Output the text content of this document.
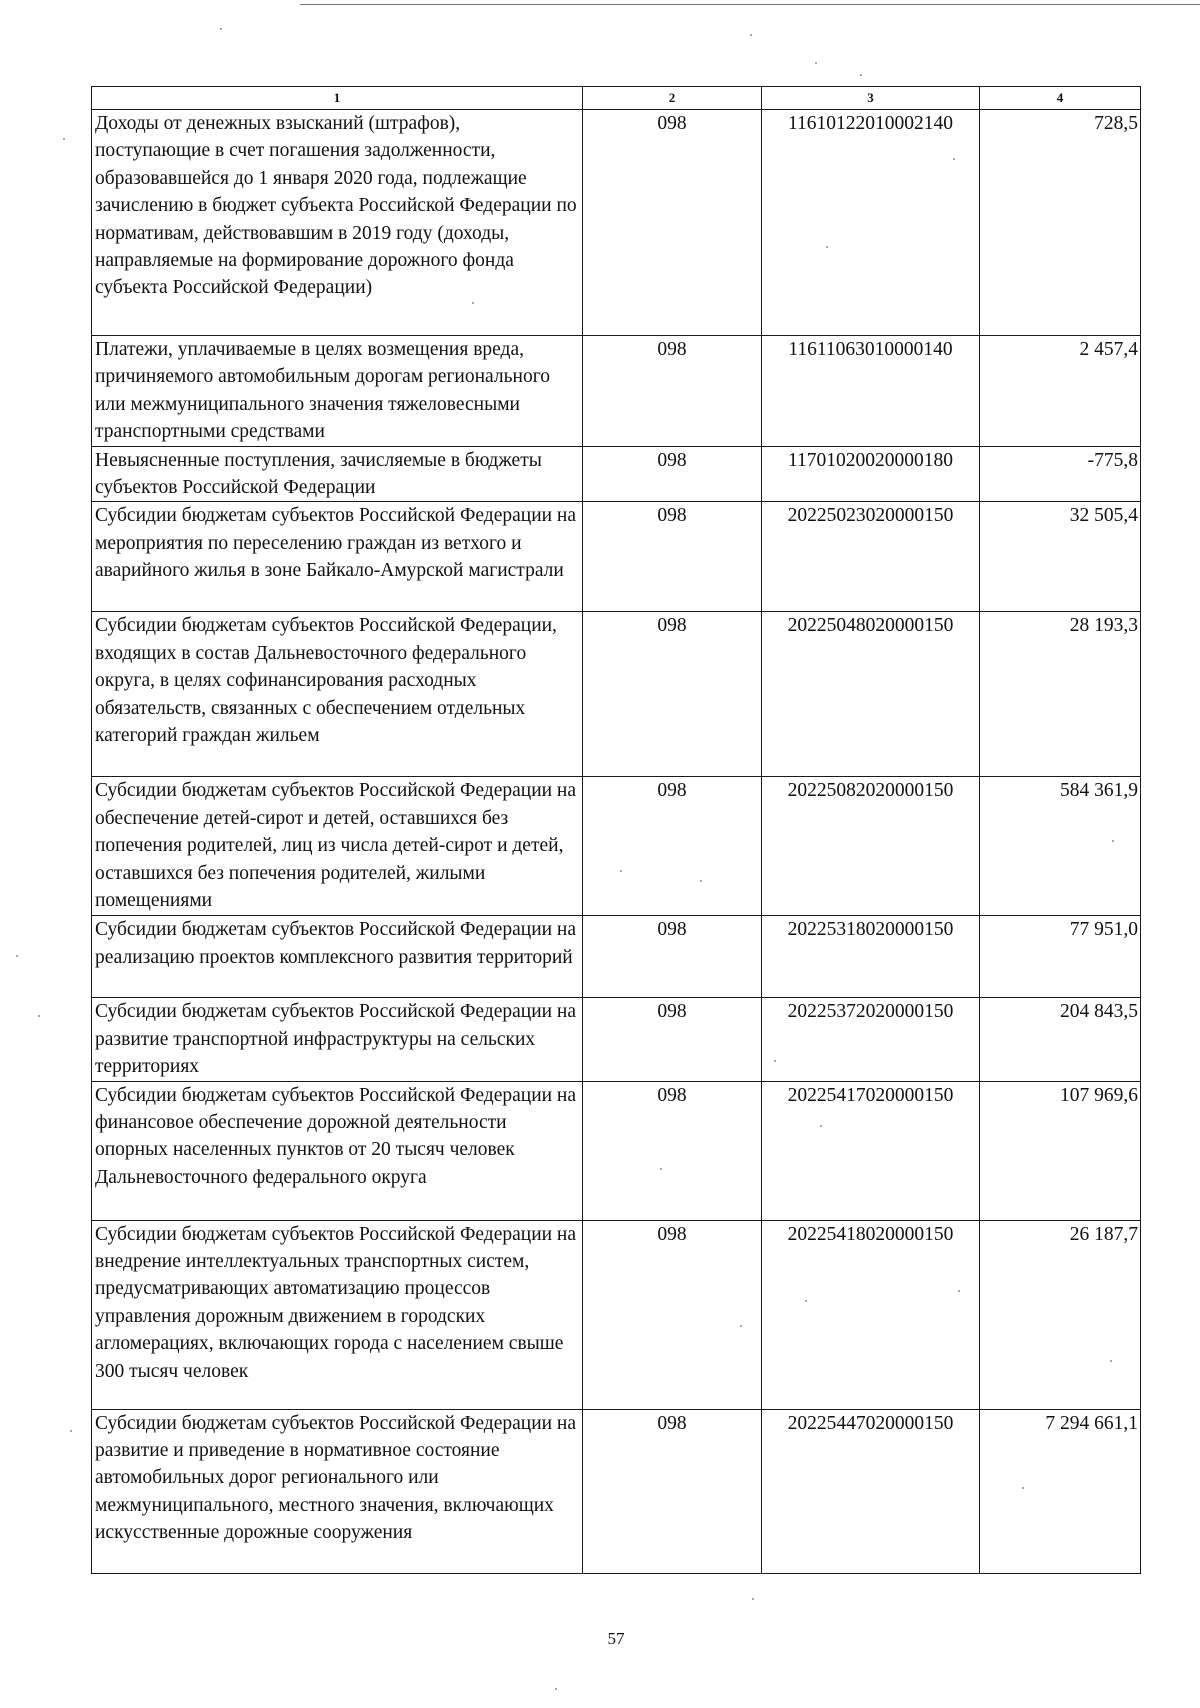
1	2	3	4
Доходы от денежных взысканий (штрафов), поступающие в счет погашения задолженности, образовавшейся до 1 января 2020 года, подлежащие зачислению в бюджет субъекта Российской Федерации по нормативам, действовавшим в 2019 году (доходы, направляемые на формирование дорожного фонда субъекта Российской Федерации)	098	11610122010002140	728,5
Платежи, уплачиваемые в целях возмещения вреда, причиняемого автомобильным дорогам регионального или межмуниципального значения тяжеловесными транспортными средствами	098	11611063010000140	2 457,4
Невыясненные поступления, зачисляемые в бюджеты субъектов Российской Федерации	098	11701020020000180	-775,8
Субсидии бюджетам субъектов Российской Федерации на мероприятия по переселению граждан из ветхого и аварийного жилья в зоне Байкало-Амурской магистрали	098	20225023020000150	32 505,4
Субсидии бюджетам субъектов Российской Федерации, входящих в состав Дальневосточного федерального округа, в целях софинансирования расходных обязательств, связанных с обеспечением отдельных категорий граждан жильем	098	20225048020000150	28 193,3
Субсидии бюджетам субъектов Российской Федерации на обеспечение детей-сирот и детей, оставшихся без попечения родителей, лиц из числа детей-сирот и детей, оставшихся без попечения родителей, жилыми помещениями	098	20225082020000150	584 361,9
Субсидии бюджетам субъектов Российской Федерации на реализацию проектов комплексного развития территорий	098	20225318020000150	77 951,0
Субсидии бюджетам субъектов Российской Федерации на развитие транспортной инфраструктуры на сельских территориях	098	20225372020000150	204 843,5
Субсидии бюджетам субъектов Российской Федерации на финансовое обеспечение дорожной деятельности опорных населенных пунктов от 20 тысяч человек Дальневосточного федерального округа	098	20225417020000150	107 969,6
Субсидии бюджетам субъектов Российской Федерации на внедрение интеллектуальных транспортных систем, предусматривающих автоматизацию процессов управления дорожным движением в городских агломерациях, включающих города с населением свыше 300 тысяч человек	098	20225418020000150	26 187,7
Субсидии бюджетам субъектов Российской Федерации на развитие и приведение в нормативное состояние автомобильных дорог регионального или межмуниципального, местного значения, включающих искусственные дорожные сооружения	098	20225447020000150	7 294 661,1
57
